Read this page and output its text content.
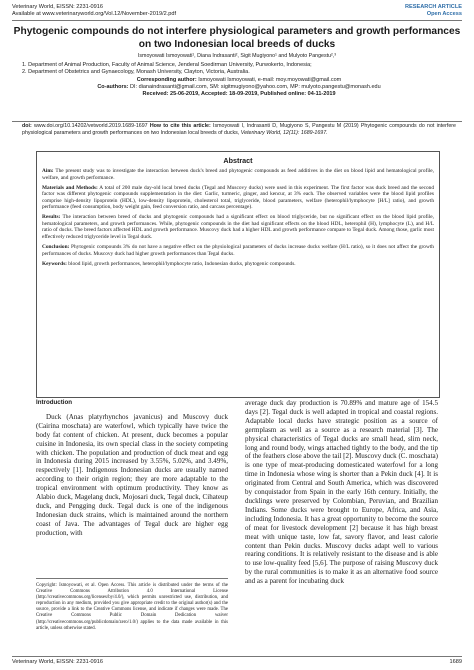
Veterinary World, EISSN: 2231-0916
Available at www.veterinaryworld.org/Vol.12/November-2019/2.pdf
RESEARCH ARTICLE
Open Access
Phytogenic compounds do not interfere physiological parameters and growth performances on two Indonesian local breeds of ducks
Ismoyowati Ismoyowati¹, Diana Indrasanti², Sigit Mugiyono¹ and Mulyoto Pangestu²,³
1. Department of Animal Production, Faculty of Animal Science, Jenderal Soedirman University, Purwokerto, Indonesia;
2. Department of Obstetrics and Gynaecology, Monash University, Clayton, Victoria, Australia.
Corresponding author: Ismoyowati Ismoyowati, e-mail: moy.moyowati@gmail.com
Co-authors: DI: dianaindrasanti@gmail.com, SM: sigitmugiyono@yahoo.com, MP: mulyoto.pangestu@monash.edu
Received: 25-06-2019, Accepted: 18-09-2019, Published online: 04-11-2019
doi: www.doi.org/10.14202/vetworld.2019.1689-1697 How to cite this article: Ismoyowati I, Indrasanti D, Mugiyono S, Pangestu M (2019) Phytogenic compounds do not interfere physiological parameters and growth performances on two Indonesian local breeds of ducks, Veterinary World, 12(11): 1689-1697.
Abstract

Aim: The present study was to investigate the interaction between duck's breed and phytogenic compounds as feed additives in the diet on blood lipid and hematological profile, welfare, and growth performance.

Materials and Methods: A total of 200 male day-old local breed ducks (Tegal and Muscovy ducks) were used in this experiment. The first factor was duck breed and the second factor was different phytogenic compounds supplementation in the diet: Garlic, turmeric, ginger, and kencur, at 3% each. The observed variables were the blood lipid profiles comprise high-density lipoprotein (HDL), low-density lipoprotein, cholesterol total, triglyceride, blood parameters, welfare (heterophil/lymphocyte [H/L] ratio), and growth performance (feed consumption, body weight gain, feed conversion ratio, and carcass percentage).

Results: The interaction between breed of ducks and phytogenic compounds had a significant effect on blood triglyceride, but no significant effect on the blood lipid profile, hematological parameters, and growth performances. While, phytogenic compounds in the diet had significant effects on the blood HDL, heterophil (H), lymphocyte (L), and H/L ratio of ducks. The breed factors affected HDL and growth performance. Muscovy duck had a higher HDL and growth performance compare to Tegal duck. Among those, garlic most effectively reduced triglyceride level in Tegal duck.

Conclusion: Phytogenic compounds 3% do not have a negative effect on the physiological parameters of ducks increase ducks welfare (H/L ratio), so it does not affect the growth performances of ducks. Muscovy duck had higher growth performances than Tegal ducks.

Keywords: blood lipid, growth performances, heterophil/lymphocyte ratio, Indonesian ducks, phytogenic compounds.

Introduction

Duck (Anas platyrhynchos javanicus) and Muscovy duck (Cairina moschata) are waterfowl, which typically have twice the body fat content of chicken. At present, duck becomes a popular cuisine in Indonesia, its own special class in the society competing with chicken. The population and production of duck meat and egg in Indonesia during 2015 increased by 3.55%, 5.02%, and 3.49%, respectively [1]. Indigenous Indonesian ducks are usually named according to their origin region; they are more adaptable to the tropical environment with optimum productivity. They know as Alabio duck, Magelang duck, Mojosari duck, Tegal duck, Cihateup duck, and Pengging duck. Tegal duck is one of the indigenous Indonesian duck strains, which is maintained around the northern coast of Java. The advantages of Tegal duck are higher egg production, with

Copyright: Ismoyowati, et al. Open Access. This article is distributed under the terms of the Creative Commons Attribution 4.0 International License (http://creativecommons.org/licenses/by/4.0/), which permits unrestricted use, distribution, and reproduction in any medium, provided you give appropriate credit to the original author(s) and the source, provide a link to the Creative Commons license, and indicate if changes were made. The Creative Commons Public Domain Dedication waiver (http://creativecommons.org/publicdomain/zero/1.0/) applies to the data made available in this article, unless otherwise stated.

average duck day production is 70.89% and mature age of 154.5 days [2]. Tegal duck is well adapted in tropical and coastal regions. Adaptable local ducks have strategic position as a source of germplasm as well as a source as a research material [3]. The physical characteristics of Tegal ducks are small head, slim neck, long and round body, wings attached tightly to the body, and the tip of the feathers close above the tail [2]. Muscovy duck (C. moschata) is one type of meat-producing domesticated waterfowl for a long time in Indonesia whose wing is shorter than a Pekin duck [4]. It is originated from Central and South America, which was discovered by conquistador from Spain in the early 16th century. Initially, the ducklings were preserved by Colombian, Peruvian, and Brazilian Indians. Some ducks were brought to Europe, Africa, and Asia, including Indonesia. It has a great opportunity to become the source of meat for livestock development [2] because it has high breast meat with unique taste, low fat, savory flavor, and least calorie content than Pekin ducks. Muscovy ducks adapt well to various rearing conditions. It is relatively resistant to the disease and is able to use low-quality feed [5,6]. The purpose of raising Muscovy duck by the rural communities is to make it as an alternative food source and as a parent for incubating duck

Veterinary World, EISSN: 2231-0916	1689
